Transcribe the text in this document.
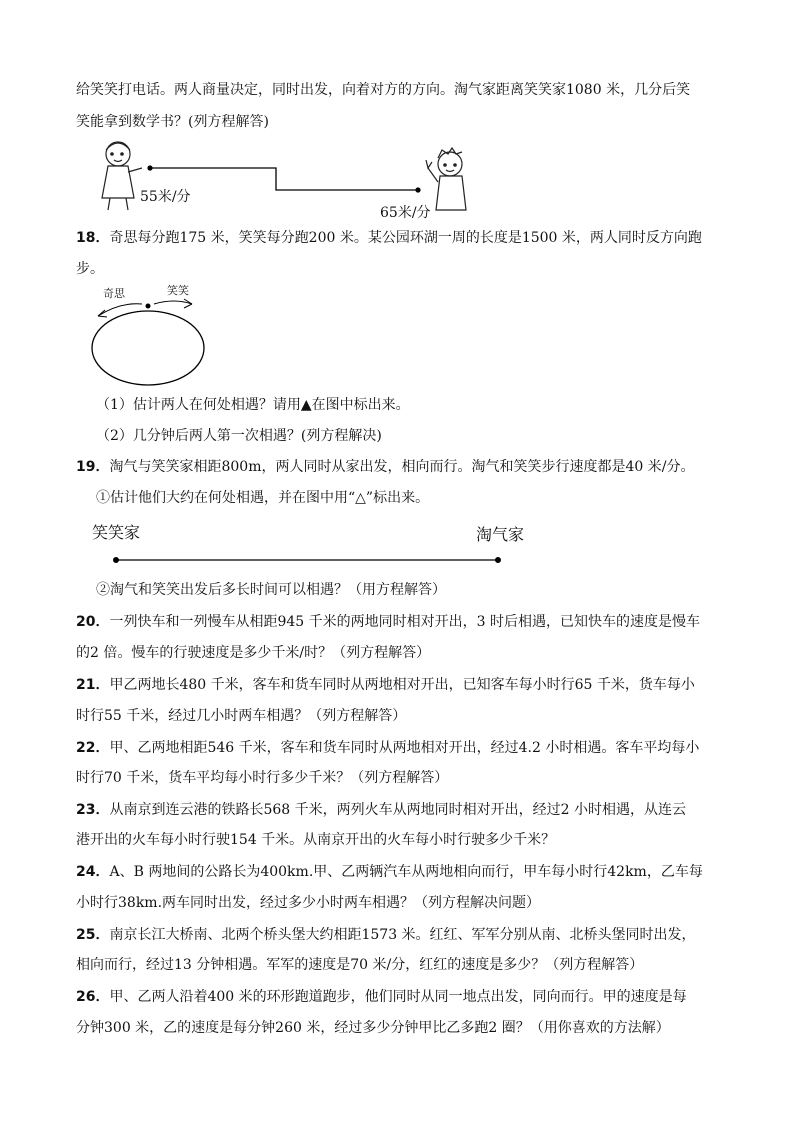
给笑笑打电话。两人商量决定，同时出发，向着对方的方向。淘气家距离笑笑家1080 米，几分后笑
笑能拿到数学书？(列方程解答)
55米/分
65米/分
18．奇思每分跑175 米，笑笑每分跑200 米。某公园环湖一周的长度是1500 米，两人同时反方向跑
步。
奇思	笑笑
（1）估计两人在何处相遇？请用▲在图中标出来。
（2）几分钟后两人第一次相遇？(列方程解决)
19．淘气与笑笑家相距800m，两人同时从家出发，相向而行。淘气和笑笑步行速度都是40 米/分。
①估计他们大约在何处相遇，并在图中用“△”标出来。
笑笑家	淘气家
②淘气和笑笑出发后多长时间可以相遇？（用方程解答）
20．一列快车和一列慢车从相距945 千米的两地同时相对开出，3 时后相遇，已知快车的速度是慢车
的2 倍。慢车的行驶速度是多少千米/时？（列方程解答）
21．甲乙两地长480 千米，客车和货车同时从两地相对开出，已知客车每小时行65 千米，货车每小
时行55 千米，经过几小时两车相遇？（列方程解答）
22．甲、乙两地相距546 千米，客车和货车同时从两地相对开出，经过4.2 小时相遇。客车平均每小
时行70 千米，货车平均每小时行多少千米？（列方程解答）
23．从南京到连云港的铁路长568 千米，两列火车从两地同时相对开出，经过2 小时相遇，从连云
港开出的火车每小时行驶154 千米。从南京开出的火车每小时行驶多少千米？
24．A、B 两地间的公路长为400km.甲、乙两辆汽车从两地相向而行，甲车每小时行42km，乙车每
小时行38km.两车同时出发，经过多少小时两车相遇？（列方程解决问题）
25．南京长江大桥南、北两个桥头堡大约相距1573 米。红红、军军分别从南、北桥头堡同时出发，
相向而行，经过13 分钟相遇。军军的速度是70 米/分，红红的速度是多少？（列方程解答）
26．甲、乙两人沿着400 米的环形跑道跑步，他们同时从同一地点出发，同向而行。甲的速度是每
分钟300 米，乙的速度是每分钟260 米，经过多少分钟甲比乙多跑2 圈？（用你喜欢的方法解）
